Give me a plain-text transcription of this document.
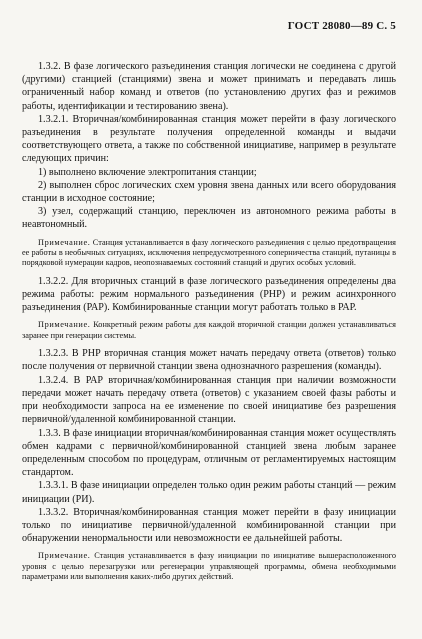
ГОСТ 28080—89 С. 5

1.3.2. В фазе логического разъединения станция логически не соединена с другой (другими) станцией (станциями) звена и может принимать и передавать лишь ограниченный набор команд и ответов (по установлению других фаз и режимов работы, идентификации и тестированию звена).

1.3.2.1. Вторичная/комбинированная станция может перейти в фазу логического разъединения в результате получения определенной команды и выдачи соответствующего ответа, а также по собственной инициативе, например в результате следующих причин:

1) выполнено включение электропитания станции;

2) выполнен сброс логических схем уровня звена данных или всего оборудования станции в исходное состояние;

3) узел, содержащий станцию, переключен из автономного режима работы в неавтономный.

Примечание. Станция устанавливается в фазу логического разъединения с целью предотвращения ее работы в необычных ситуациях, исключения непредусмотренного соперничества станций, путаницы в порядковой нумерации кадров, неопознаваемых состояний станций и других особых условий.

1.3.2.2. Для вторичных станций в фазе логического разъединения определены два режима работы: режим нормального разъединения (РНР) и режим асинхронного разъединения (РАР). Комбинированные станции могут работать только в РАР.

Примечание. Конкретный режим работы для каждой вторичной станции должен устанавливаться заранее при генерации системы.

1.3.2.3. В РНР вторичная станция может начать передачу ответа (ответов) только после получения от первичной станции звена однозначного разрешения (команды).

1.3.2.4. В РАР вторичная/комбинированная станция при наличии возможности передачи может начать передачу ответа (ответов) с указанием своей фазы работы и при необходимости запроса на ее изменение по своей инициативе без разрешения первичной/удаленной комбинированной станции.

1.3.3. В фазе инициации вторичная/комбинированная станция может осуществлять обмен кадрами с первичной/комбинированной станцией звена любым заранее определенным способом по процедурам, отличным от регламентируемых настоящим стандартом.

1.3.3.1. В фазе инициации определен только один режим работы станций — режим инициации (РИ).

1.3.3.2. Вторичная/комбинированная станция может перейти в фазу инициации только по инициативе первичной/удаленной комбинированной станции при обнаружении ненормальности или невозможности ее дальнейшей работы.

Примечание. Станция устанавливается в фазу инициации по инициативе вышерасположенного уровня с целью перезагрузки или регенерации управляющей программы, обмена необходимыми параметрами или выполнения каких-либо других действий.
